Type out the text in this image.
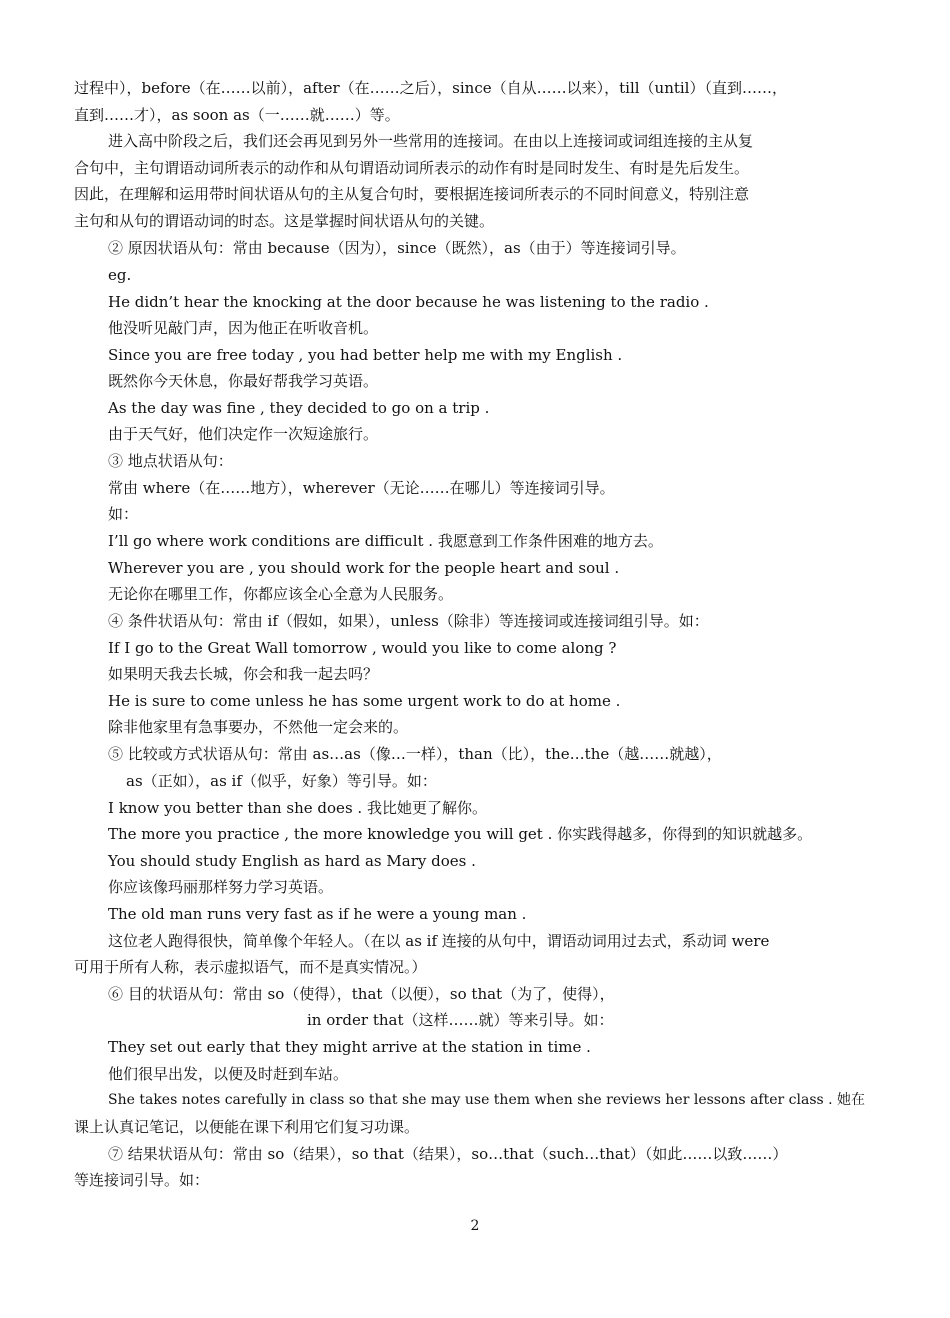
过程中），before（在……以前），after（在……之后），since（自从……以来），till（until）（直到……，
直到……才），as soon as（一……就……）等。
进入高中阶段之后，我们还会再见到另外一些常用的连接词。在由以上连接词或词组连接的主从复
合句中，主句谓语动词所表示的动作和从句谓语动词所表示的动作有时是同时发生、有时是先后发生。
因此，在理解和运用带时间状语从句的主从复合句时，要根据连接词所表示的不同时间意义，特别注意
主句和从句的谓语动词的时态。这是掌握时间状语从句的关键。
② 原因状语从句：常由 because（因为），since（既然），as（由于）等连接词引导。
eg.
He didn’t hear the knocking at the door because he was listening to the radio .
他没听见敲门声，因为他正在听收音机。
Since you are free today , you had better help me with my English .
既然你今天休息，你最好帮我学习英语。
As the day was fine , they decided to go on a trip .
由于天气好，他们决定作一次短途旅行。
③ 地点状语从句：
常由 where（在……地方），wherever（无论……在哪儿）等连接词引导。
如：
I’ll go where work conditions are difficult . 我愿意到工作条件困难的地方去。
Wherever you are , you should work for the people heart and soul .
无论你在哪里工作，你都应该全心全意为人民服务。
④ 条件状语从句：常由 if（假如，如果），unless（除非）等连接词或连接词组引导。如：
If I go to the Great Wall tomorrow , would you like to come along ?
如果明天我去长城，你会和我一起去吗？
He is sure to come unless he has some urgent work to do at home .
除非他家里有急事要办，不然他一定会来的。
⑤ 比较或方式状语从句：常由 as…as（像…一样），than（比），the…the（越……就越），
as（正如），as if（似乎，好象）等引导。如：
I know you better than she does . 我比她更了解你。
The more you practice , the more knowledge you will get . 你实践得越多，你得到的知识就越多。
You should study English as hard as Mary does .
你应该像玛丽那样努力学习英语。
The old man runs very fast as if he were a young man .
这位老人跑得很快，简单像个年轻人。（在以 as if 连接的从句中，谓语动词用过去式，系动词 were
可用于所有人称，表示虚拟语气，而不是真实情况。）
⑥ 目的状语从句：常由 so（使得），that（以便），so that（为了，使得），
in order that（这样……就）等来引导。如：
They set out early that they might arrive at the station in time .
他们很早出发，以便及时赶到车站。
She takes notes carefully in class so that she may use them when she reviews her lessons after class . 她在
课上认真记笔记，以便能在课下利用它们复习功课。
⑦ 结果状语从句：常由 so（结果），so that（结果），so…that（such…that）（如此……以致……）
等连接词引导。如：
2
